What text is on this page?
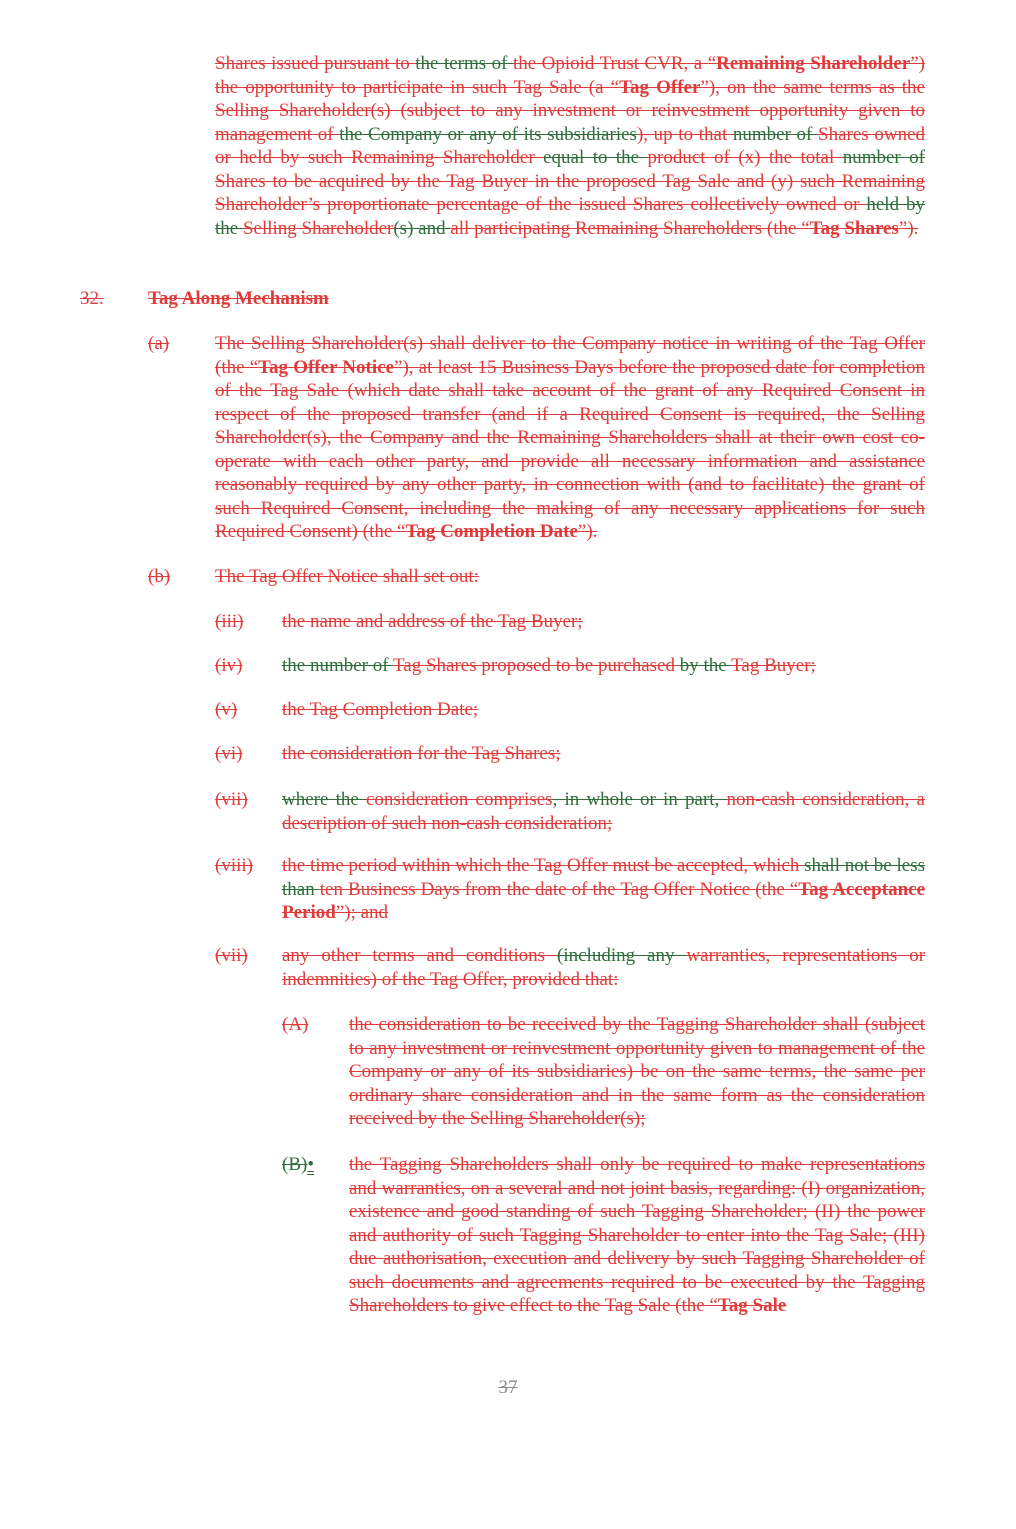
Shares issued pursuant to the terms of the Opioid Trust CVR, a “Remaining Shareholder”) the opportunity to participate in such Tag Sale (a “Tag Offer”), on the same terms as the Selling Shareholder(s) (subject to any investment or reinvestment opportunity given to management of the Company or any of its subsidiaries), up to that number of Shares owned or held by such Remaining Shareholder equal to the product of (x) the total number of Shares to be acquired by the Tag Buyer in the proposed Tag Sale and (y) such Remaining Shareholder’s proportionate percentage of the issued Shares collectively owned or held by the Selling Shareholder(s) and all participating Remaining Shareholders (the “Tag Shares”).
32. Tag Along Mechanism
(a) The Selling Shareholder(s) shall deliver to the Company notice in writing of the Tag Offer (the “Tag Offer Notice”), at least 15 Business Days before the proposed date for completion of the Tag Sale (which date shall take account of the grant of any Required Consent in respect of the proposed transfer (and if a Required Consent is required, the Selling Shareholder(s), the Company and the Remaining Shareholders shall at their own cost co-operate with each other party, and provide all necessary information and assistance reasonably required by any other party, in connection with (and to facilitate) the grant of such Required Consent, including the making of any necessary applications for such Required Consent) (the “Tag Completion Date”).
(b) The Tag Offer Notice shall set out:
(iii) the name and address of the Tag Buyer;
(iv) the number of Tag Shares proposed to be purchased by the Tag Buyer;
(v) the Tag Completion Date;
(vi) the consideration for the Tag Shares;
(vii) where the consideration comprises, in whole or in part, non-cash consideration, a description of such non-cash consideration;
(viii) the time period within which the Tag Offer must be accepted, which shall not be less than ten Business Days from the date of the Tag Offer Notice (the “Tag Acceptance Period”); and
(vii) any other terms and conditions (including any warranties, representations or indemnities) of the Tag Offer, provided that:
(A) the consideration to be received by the Tagging Shareholder shall (subject to any investment or reinvestment opportunity given to management of the Company or any of its subsidiaries) be on the same terms, the same per ordinary share consideration and in the same form as the consideration received by the Selling Shareholder(s);
(B)• the Tagging Shareholders shall only be required to make representations and warranties, on a several and not joint basis, regarding: (I) organization, existence and good standing of such Tagging Shareholder; (II) the power and authority of such Tagging Shareholder to enter into the Tag Sale; (III) due authorisation, execution and delivery by such Tagging Shareholder of such documents and agreements required to be executed by the Tagging Shareholders to give effect to the Tag Sale (the “Tag Sale
37
